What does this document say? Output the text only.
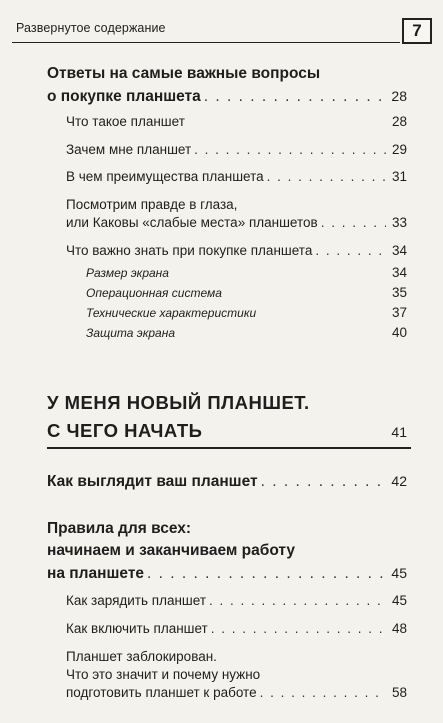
Развернутое содержание	7
Ответы на самые важные вопросы
о покупке планшета . . .	28
Что такое планшет	28
Зачем мне планшет . . .	29
В чем преимущества планшета . . .	31
Посмотрим правде в глаза,
или Каковы «слабые места» планшетов . . .	33
Что важно знать при покупке планшета . . .	34
Размер экрана	34
Операционная система	35
Технические характеристики	37
Защита экрана	40
У МЕНЯ НОВЫЙ ПЛАНШЕТ.
С ЧЕГО НАЧАТЬ	41
Как выглядит ваш планшет . . .	42
Правила для всех:
начинаем и заканчиваем работу
на планшете . . .	45
Как зарядить планшет . . .	45
Как включить планшет . . .	48
Планшет заблокирован.
Что это значит и почему нужно
подготовить планшет к работе . . .	58
